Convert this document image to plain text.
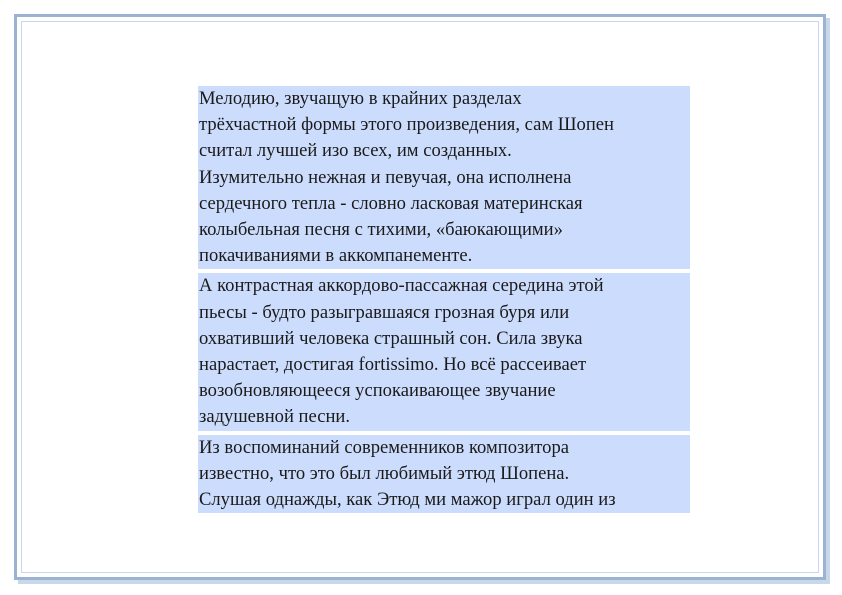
Мелодию, звучащую в крайних разделах
трёхчастной формы этого произведения, сам Шопен
считал лучшей изо всех, им созданных.
Изумительно нежная и певучая, она исполнена
сердечного тепла - словно ласковая материнская
колыбельная песня с тихими, «баюкающими»
покачиваниями в аккомпанементе.
А контрастная аккордово-пассажная середина этой
пьесы - будто разыгравшаяся грозная буря или
охвативший человека страшный сон. Сила звука
нарастает, достигая fortissimo. Но всё рассеивает
возобновляющееся успокаивающее звучание
задушевной песни.
Из воспоминаний современников композитора
известно, что это был любимый этюд Шопена.
Слушая однажды, как Этюд ми мажор играл один из
